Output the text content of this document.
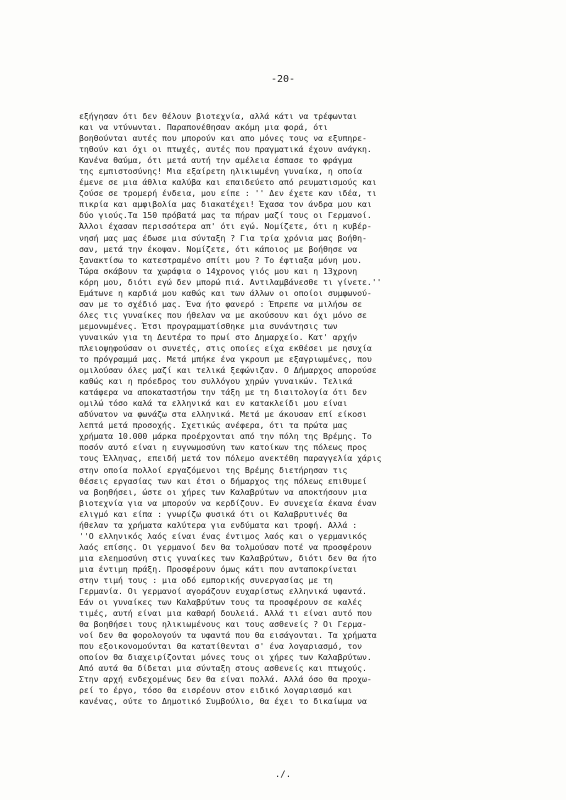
-20-
εξήγησαν ότι δεν θέλουν βιοτεχνία, αλλά κάτι να τρέφωνται
και να ντύνωνται. Παραπονέθησαν ακόμη μια φορά, ότι
βοηθούνται αυτές που μπορούν και απο μόνες τους να εξυπηρε-
τηθούν και όχι οι πτωχές, αυτές που πραγματικά έχουν ανάγκη.
Κανένα θαύμα, ότι μετά αυτή την αμέλεια έσπασε το φράγμα
της εμπιστοσύνης! Μια εξαίρετη ηλικιωμένη γυναίκα, η οποία
έμενε σε μια άθλια καλύβα και επαιδεύετο από ρευματισμούς και
ζούσε σε τρομερή ένδεια, μου είπε : '' Δεν έχετε καν ιδέα, τι
πικρία και αμφιβολία μας διακατέχει! Έχασα τον άνδρα μου και
δύο γιούς.Τα 150 πρόβατά μας τα πήραν μαζί τους οι Γερμανοί.
Άλλοι έχασαν περισσότερα απ' ότι εγώ. Νομίζετε, ότι η κυβέρ-
νησή μας μας έδωσε μια σύνταξη ? Για τρία χρόνια μας βοήθη-
σαν, μετά την έκοψαν. Νομίζετε, ότι κάποιος με βοήθησε να
ξανακτίσω το κατεστραμένο σπίτι μου ? Το έφτιαξα μόνη μου.
Τώρα σκάβουν τα χωράφια ο 14χρονος γιός μου και η 13χρονη
κόρη μου, διότι εγώ δεν μπορώ πιά. Αντιλαμβάνεσθε τι γίνετε.''
Εμάτωνε η καρδιά μου καθώς και των άλλων οι οποίοι συμφωνού-
σαν με το σχέδιό μας. Ένα ήτο φανερό : Έπρεπε να μιλήσω σε
όλες τις γυναίκες που ήθελαν να με ακούσουν και όχι μόνο σε
μεμονωμένες. Έτσι προγραμματίσθηκε μια συνάντησις των
γυναικών για τη Δευτέρα το πρωί στο Δημαρχείο. Κατ' αρχήν
πλειοψηφούσαν οι συνετές, στις οποίες είχα εκθέσει με ησυχία
το πρόγραμμά μας. Μετά μπήκε ένα γκρουπ με εξαγριωμένες, που
ομιλούσαν όλες μαζί και τελικά ξεφώνιζαν. Ο Δήμαρχος απορούσε
καθώς και η πρόεδρος του συλλόγου χηρών γυναικών. Τελικά
κατάφερα να αποκαταστήσω την τάξη με τη διαιτολογία ότι δεν
ομιλώ τόσο καλά τα ελληνικά και εν κατακλείδι μου είναι
αδύνατον να φωνάζω στα ελληνικά. Μετά με άκουσαν επί είκοσι
λεπτά μετά προσοχής. Σχετικώς ανέφερα, ότι τα πρώτα μας
χρήματα 10.000 μάρκα προέρχονται από την πόλη της Βρέμης. Το
ποσόν αυτό είναι η ευγνωμοσύνη των κατοίκων της πόλεως προς
τους Έλληνας, επειδή μετά τον πόλεμο ανεκτέθη παραγγελία χάρις
στην οποία πολλοί εργαζόμενοι της Βρέμης διετήρησαν τις
θέσεις εργασίας των και έτσι ο δήμαρχος της πόλεως επιθυμεί
να βοηθήσει, ώστε οι χήρες των Καλαβρύτων να αποκτήσουν μια
βιοτεχνία για να μπορούν να κερδίζουν. Εν συνεχεία έκανα έναν
ελιγμό και είπα : γνωρίζω φυσικά ότι οι Καλαβρυτινές θα
ήθελαν τα χρήματα καλύτερα για ενδύματα και τροφή. Αλλά :
''Ο ελληνικός λαός είναι ένας έντιμος λαός και ο γερμανικός
λαός επίσης. Οι γερμανοί δεν θα τολμούσαν ποτέ να προσφέρουν
μια ελεημοσύνη στις γυναίκες των Καλαβρύτων, διότι δεν θα ήτο
μια έντιμη πράξη. Προσφέρουν όμως κάτι που ανταποκρίνεται
στην τιμή τους : μια οδό εμπορικής συνεργασίας με τη
Γερμανία. Οι γερμανοί αγοράζουν ευχαρίστως ελληνικά υφαντά.
Εάν οι γυναίκες των Καλαβρύτων τους τα προσφέρουν σε καλές
τιμές, αυτή είναι μια καθαρή δουλειά. Αλλά τι είναι αυτό που
θα βοηθήσει τους ηλικιωμένους και τους ασθενείς ? Οι Γερμα-
νοί δεν θα φορολογούν τα υφαντά που θα εισάγονται. Τα χρήματα
που εξοικονομούνται θα κατατίθενται σ' ένα λογαριασμό, τον
οποίον θα διαχειρίζονται μόνες τους οι χήρες των Καλαβρύτων.
Από αυτά θα δίδεται μια σύνταξη στους ασθενείς και πτωχούς.
Στην αρχή ενδεχομένως δεν θα είναι πολλά. Αλλά όσο θα προχω-
ρεί το έργο, τόσο θα εισρέουν στον ειδικό λογαριασμό και
κανένας, ούτε το Δημοτικό Συμβούλιο, θα έχει το δικαίωμα να
./.
